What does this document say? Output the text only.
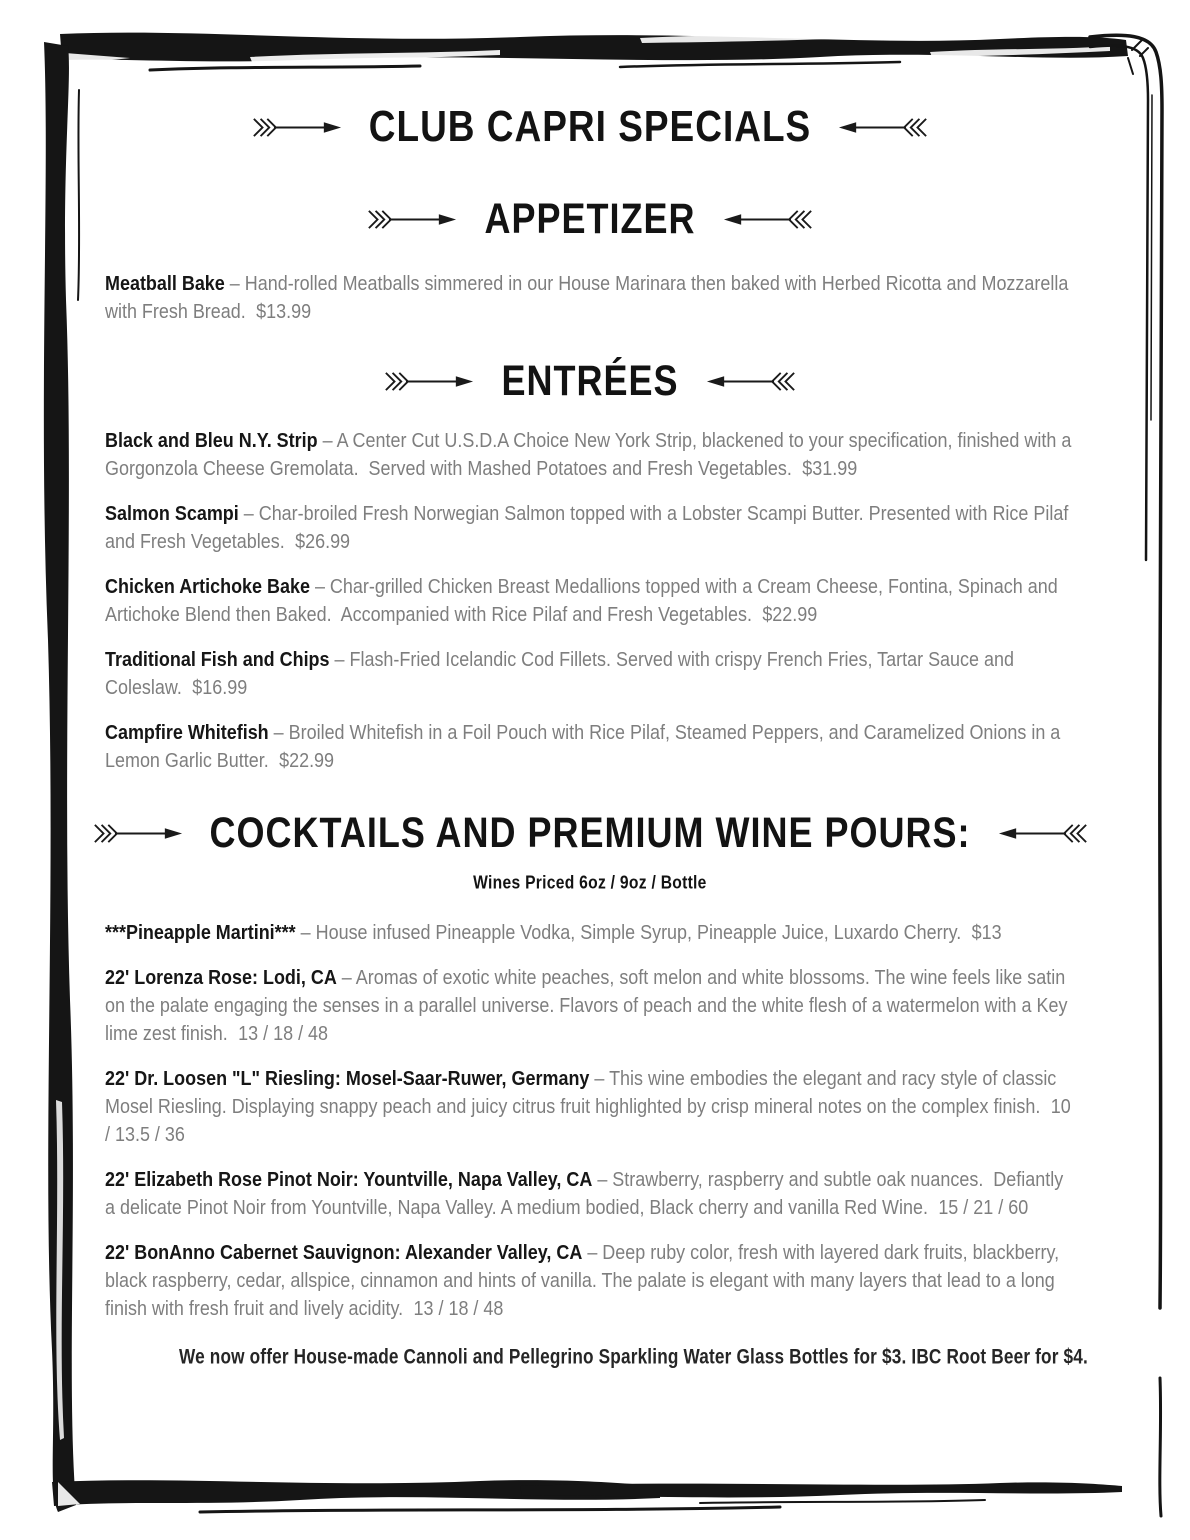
CLUB CAPRI SPECIALS
APPETIZER

Meatball Bake – Hand-rolled Meatballs simmered in our House Marinara then baked with Herbed Ricotta and Mozzarella with Fresh Bread. $13.99

ENTRÉES

Black and Bleu N.Y. Strip – A Center Cut U.S.D.A Choice New York Strip, blackened to your specification, finished with a Gorgonzola Cheese Gremolata.  Served with Mashed Potatoes and Fresh Vegetables. $31.99

Salmon Scampi – Char-broiled Fresh Norwegian Salmon topped with a Lobster Scampi Butter. Presented with Rice Pilaf and Fresh Vegetables. $26.99

Chicken Artichoke Bake – Char-grilled Chicken Breast Medallions topped with a Cream Cheese, Fontina, Spinach and Artichoke Blend then Baked.  Accompanied with Rice Pilaf and Fresh Vegetables. $22.99

Traditional Fish and Chips – Flash-Fried Icelandic Cod Fillets. Served with crispy French Fries, Tartar Sauce and Coleslaw. $16.99

Campfire Whitefish – Broiled Whitefish in a Foil Pouch with Rice Pilaf, Steamed Peppers, and Caramelized Onions in a Lemon Garlic Butter. $22.99

COCKTAILS AND PREMIUM WINE POURS:
Wines Priced 6oz / 9oz / Bottle

***Pineapple Martini*** – House infused Pineapple Vodka, Simple Syrup, Pineapple Juice, Luxardo Cherry. $13

22' Lorenza Rose: Lodi, CA – Aromas of exotic white peaches, soft melon and white blossoms. The wine feels like satin on the palate engaging the senses in a parallel universe. Flavors of peach and the white flesh of a watermelon with a Key lime zest finish. 13 / 18 / 48

22' Dr. Loosen "L" Riesling: Mosel-Saar-Ruwer, Germany – This wine embodies the elegant and racy style of classic Mosel Riesling. Displaying snappy peach and juicy citrus fruit highlighted by crisp mineral notes on the complex finish. 10 / 13.5 / 36

22' Elizabeth Rose Pinot Noir: Yountville, Napa Valley, CA – Strawberry, raspberry and subtle oak nuances.  Defiantly a delicate Pinot Noir from Yountville, Napa Valley. A medium bodied, Black cherry and vanilla Red Wine. 15 / 21 / 60

22' BonAnno Cabernet Sauvignon: Alexander Valley, CA – Deep ruby color, fresh with layered dark fruits, blackberry, black raspberry, cedar, allspice, cinnamon and hints of vanilla. The palate is elegant with many layers that lead to a long finish with fresh fruit and lively acidity. 13 / 18 / 48

We now offer House-made Cannoli and Pellegrino Sparkling Water Glass Bottles for $3. IBC Root Beer for $4.
